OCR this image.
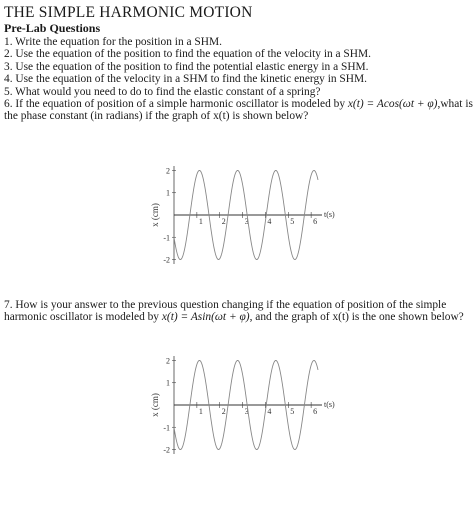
THE SIMPLE HARMONIC MOTION
Pre-Lab Questions

1. Write the equation for the position in a SHM.

2. Use the equation of the position to find the equation of the velocity in a SHM.

3. Use the equation of the position to find the potential elastic energy in a SHM.

4. Use the equation of the velocity in a SHM to find the kinetic energy in SHM.

5. What would you need to do to find the elastic constant of a spring?

6. If the equation of position of a simple harmonic oscillator is modeled by x(t) = Acos(ωt + φ),what is

the phase constant (in radians) if the graph of x(t) is shown below?

x (cm)
2
1
-1
-2
1 2 3 4 5 6
t(s)

7. How is your answer to the previous question changing if the equation of position of the simple

harmonic oscillator is modeled by x(t) = Asin(ωt + φ), and the graph of x(t) is the one shown below?

x (cm)
2
1
-1
-2
1 2 3 4 5 6
t(s)
